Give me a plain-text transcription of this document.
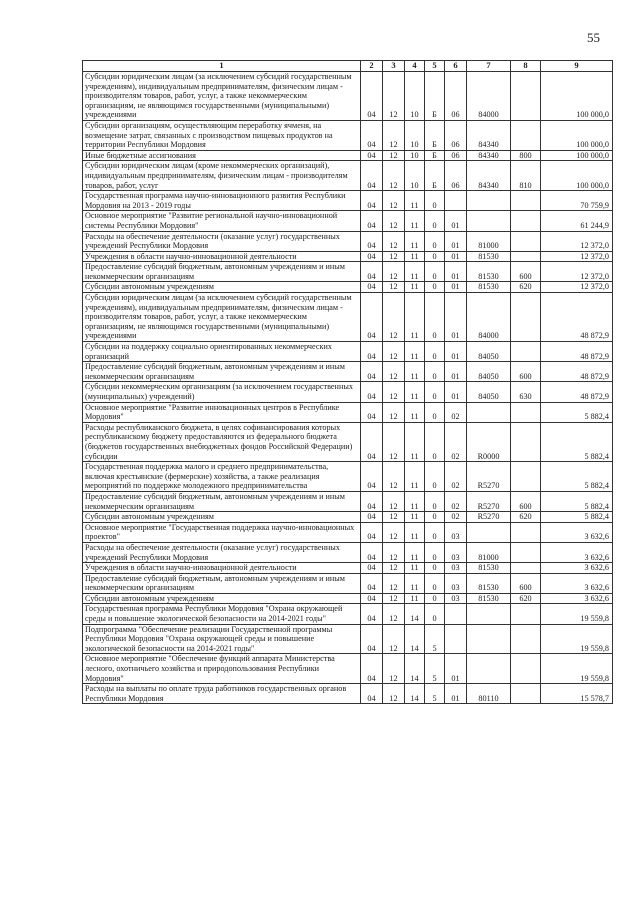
55
1	2	3	4	5	6	7	8	9
Субсидии юридическим лицам (за исключением субсидий государственным учреждениям), индивидуальным предпринимателям, физическим лицам - производителям товаров, работ, услуг, а также некоммерческим организациям, не являющимся государственными (муниципальными) учреждениями	04	12	10	Б	06	84000		100 000,0
Субсидии организациям, осуществляющим переработку ячменя, на возмещение затрат, связанных с производством пищевых продуктов на территории Республики Мордовия	04	12	10	Б	06	84340		100 000,0
Иные бюджетные ассигнования	04	12	10	Б	06	84340	800	100 000,0
Субсидии юридическим лицам (кроме некоммерческих организаций), индивидуальным предпринимателям, физическим лицам - производителям товаров, работ, услуг	04	12	10	Б	06	84340	810	100 000,0
Государственная программа научно-инновационного развития Республики Мордовия на 2013 - 2019 годы	04	12	11	0				70 759,9
Основное мероприятие "Развитие региональной научно-инновационной системы Республики Мордовия"	04	12	11	0	01			61 244,9
Расходы на обеспечение деятельности (оказание услуг) государственных учреждений Республики Мордовия	04	12	11	0	01	81000		12 372,0
Учреждения в области научно-инновационной деятельности	04	12	11	0	01	81530		12 372,0
Предоставление субсидий бюджетным, автономным учреждениям и иным некоммерческим организациям	04	12	11	0	01	81530	600	12 372,0
Субсидии автономным учреждениям	04	12	11	0	01	81530	620	12 372,0
Субсидии юридическим лицам (за исключением субсидий государственным учреждениям), индивидуальным предпринимателям, физическим лицам - производителям товаров, работ, услуг, а также некоммерческим организациям, не являющимся государственными (муниципальными) учреждениями	04	12	11	0	01	84000		48 872,9
Субсидии на поддержку социально ориентированных некоммерческих организаций	04	12	11	0	01	84050		48 872,9
Предоставление субсидий бюджетным, автономным учреждениям и иным некоммерческим организациям	04	12	11	0	01	84050	600	48 872,9
Субсидии некоммерческим организациям (за исключением государственных (муниципальных) учреждений)	04	12	11	0	01	84050	630	48 872,9
Основное мероприятие "Развитие инновационных центров в Республике Мордовия"	04	12	11	0	02			5 882,4
Расходы республиканского бюджета, в целях софинансирования которых республиканскому бюджету предоставляются из федерального бюджета (бюджетов государственных внебюджетных фондов Российской Федерации) субсидии	04	12	11	0	02	R0000		5 882,4
Государственная поддержка малого и среднего предпринимательства, включая крестьянские (фермерские) хозяйства, а также реализация мероприятий по поддержке молодежного предпринимательства	04	12	11	0	02	R5270		5 882,4
Предоставление субсидий бюджетным, автономным учреждениям и иным некоммерческим организациям	04	12	11	0	02	R5270	600	5 882,4
Субсидии автономным учреждениям	04	12	11	0	02	R5270	620	5 882,4
Основное мероприятие "Государственная поддержка научно-инновационных проектов"	04	12	11	0	03			3 632,6
Расходы на обеспечение деятельности (оказание услуг) государственных учреждений Республики Мордовия	04	12	11	0	03	81000		3 632,6
Учреждения в области научно-инновационной деятельности	04	12	11	0	03	81530		3 632,6
Предоставление субсидий бюджетным, автономным учреждениям и иным некоммерческим организациям	04	12	11	0	03	81530	600	3 632,6
Субсидии автономным учреждениям	04	12	11	0	03	81530	620	3 632,6
Государственная программа Республики Мордовия "Охрана окружающей среды и повышение экологической безопасности на 2014-2021 годы"	04	12	14	0				19 559,8
Подпрограмма "Обеспечение реализации Государственной программы Республики Мордовия "Охрана окружающей среды и повышение экологической безопасности на 2014-2021 годы"	04	12	14	5				19 559,8
Основное мероприятие "Обеспечение функций аппарата Министерства лесного, охотничьего хозяйства и природопользования Республики Мордовия"	04	12	14	5	01			19 559,8
Расходы на выплаты по оплате труда работников государственных органов Республики Мордовия	04	12	14	5	01	80110		15 578,7
